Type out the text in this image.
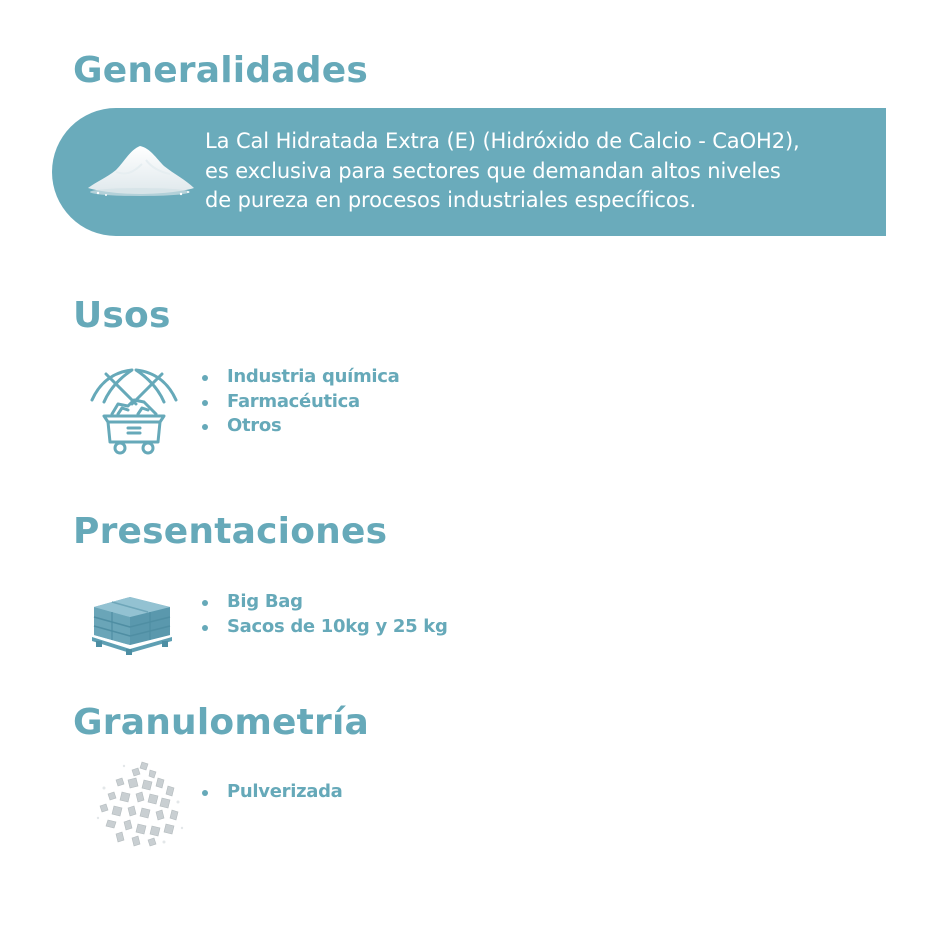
Generalidades
La Cal Hidratada Extra (E) (Hidróxido de Calcio - CaOH2),
es exclusiva para sectores que demandan altos niveles
de pureza en procesos industriales específicos.
Usos
Industria química
Farmacéutica
Otros
Presentaciones
Big Bag
Sacos de 10kg y 25 kg
Granulometría
Pulverizada
